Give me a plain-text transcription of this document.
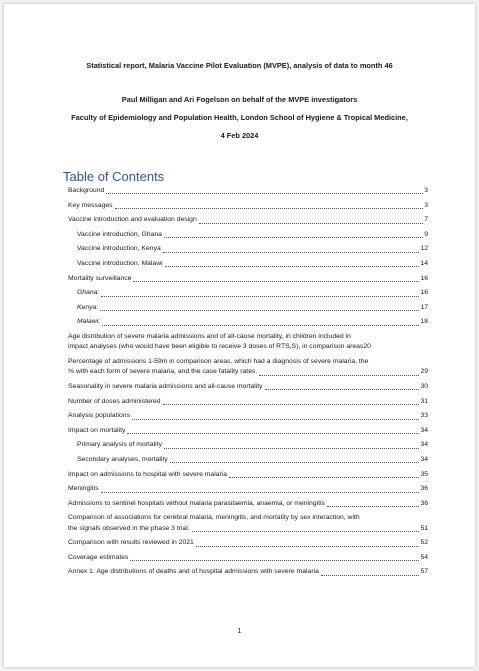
Statistical report, Malaria Vaccine Pilot Evaluation (MVPE), analysis of data to month 46
Paul Milligan and Ari Fogelson on behalf of the MVPE investigators
Faculty of Epidemiology and Population Health, London School of Hygiene & Tropical Medicine,
4 Feb 2024
Table of Contents
Background	3
Key messages	3
Vaccine introduction and evaluation design	7
Vaccine introduction, Ghana	9
Vaccine introduction, Kenya	12
Vaccine introduction, Malawi	14
Mortality surveillance	16
Ghana:	16
Kenya:	17
Malawi:	18
Age distribution of severe malaria admissions and of all-cause mortality, in children included in
impact analyses (who would have been eligible to receive 3 doses of RTS,S), in comparison areas 20
Percentage of admissions 1-59m in comparison areas, which had a diagnosis of severe malaria, the
% with each form of severe malaria, and the case fatality rates.	29
Seasonality in severe malaria admissions and all-cause mortality	30
Number of doses administered	31
Analysis populations	33
Impact on mortality	34
Primary analysis of mortality	34
Secondary analyses, mortality	34
Impact on admissions to hospital with severe malaria	35
Meningitis	36
Admissions to sentinel hospitals without malaria parasitaemia, anaemia, or meningitis	36
Comparison of associations for cerebral malaria, meningitis, and mortality by sex interaction, with
the signals observed in the phase 3 trial.	51
Comparison with results reviewed in 2021	52
Coverage estimates	54
Annex 1: Age distributions of deaths and of hospital admissions with severe malaria	57
1
